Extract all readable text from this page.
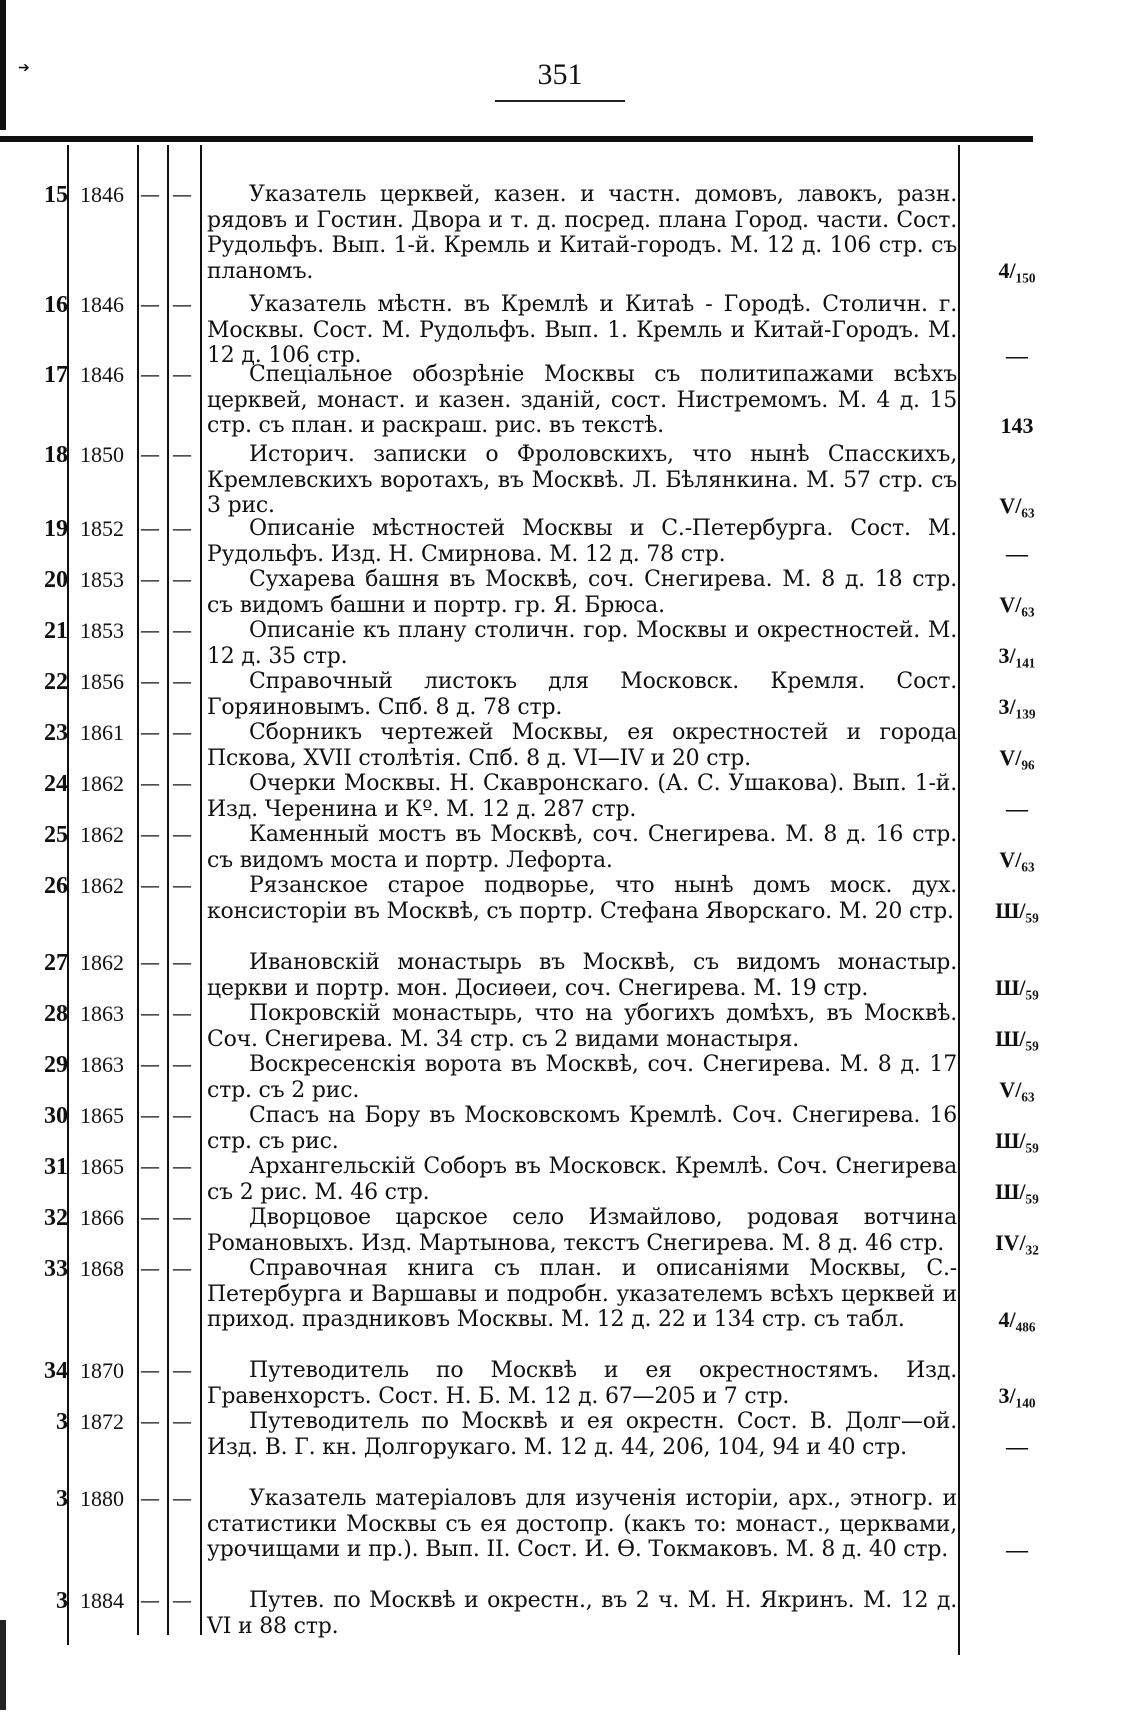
➔	351
15 1846 — —	Указатель церквей, казен. и частн. домовъ, лавокъ, разн. рядовъ и Гостин. Двора и т. д. посред. плана Город. части. Сост. Рудольфъ. Вып. 1-й. Кремль и Китай-городъ. М. 12 д. 106 стр. съ планомъ.	4/₁₅₀
16 1846 — —	Указатель мѣстн. въ Кремлѣ и Китаѣ - Городѣ. Столичн. г. Москвы. Сост. М. Рудольфъ. Вып. 1. Кремль и Китай-Городъ. М. 12 д. 106 стр.	—
17 1846 — —	Спеціальное обозрѣніе Москвы съ политипажами всѣхъ церквей, монаст. и казен. зданій, сост. Нистремомъ. М. 4 д. 15 стр. съ план. и раскраш. рис. въ текстѣ.	143
18 1850 — —	Историч. записки о Фроловскихъ, что нынѣ Спасскихъ, Кремлевскихъ воротахъ, въ Москвѣ. Л. Бѣлянкина. М. 57 стр. съ 3 рис.	V/₆₃
19 1852 — —	Описаніе мѣстностей Москвы и С.-Петербурга. Сост. М. Рудольфъ. Изд. Н. Смирнова. М. 12 д. 78 стр.	—
20 1853 — —	Сухарева башня въ Москвѣ, соч. Снегирева. М. 8 д. 18 стр. съ видомъ башни и портр. гр. Я. Брюса.	V/₆₃
21 1853 — —	Описаніе къ плану столичн. гор. Москвы и окрестностей. М. 12 д. 35 стр.	3/₁₄₁
22 1856 — —	Справочный листокъ для Московск. Кремля. Сост. Горяиновымъ. Спб. 8 д. 78 стр.	3/₁₃₉
23 1861 — —	Сборникъ чертежей Москвы, ея окрестностей и города Пскова, XVII столѣтія. Спб. 8 д. VI—IV и 20 стр.	V/₉₆
24 1862 — —	Очерки Москвы. Н. Скавронскаго. (А. С. Ушакова). Вып. 1-й. Изд. Черенина и Кº. М. 12 д. 287 стр.	—
25 1862 — —	Каменный мостъ въ Москвѣ, соч. Снегирева. М. 8 д. 16 стр. съ видомъ моста и портр. Лефорта.	V/₆₃
26 1862 — —	Рязанское старое подворье, что нынѣ домъ моск. дух. консисторіи въ Москвѣ, съ портр. Стефана Яворскаго. М. 20 стр.	Ш/₅₉
27 1862 — —	Ивановскій монастырь въ Москвѣ, съ видомъ монастыр. церкви и портр. мон. Досиѳеи, соч. Снегирева. М. 19 стр.	Ш/₅₉
28 1863 — —	Покровскій монастырь, что на убогихъ домѣхъ, въ Москвѣ. Соч. Снегирева. М. 34 стр. съ 2 видами монастыря.	Ш/₅₉
29 1863 — —	Воскресенскія ворота въ Москвѣ, соч. Снегирева. М. 8 д. 17 стр. съ 2 рис.	V/₆₃
30 1865 — —	Спасъ на Бору въ Московскомъ Кремлѣ. Соч. Снегирева. 16 стр. съ рис.	Ш/₅₉
31 1865 — —	Архангельскій Соборъ въ Московск. Кремлѣ. Соч. Снегирева съ 2 рис. М. 46 стр.	Ш/₅₉
32 1866 — —	Дворцовое царское село Измайлово, родовая вотчина Романовыхъ. Изд. Мартынова, текстъ Снегирева. М. 8 д. 46 стр.	IV/₃₂
33 1868 — —	Справочная книга съ план. и описаніями Москвы, С.-Петербурга и Варшавы и подробн. указателемъ всѣхъ церквей и приход. праздниковъ Москвы. М. 12 д. 22 и 134 стр. съ табл.	4/₄₈₆
34 1870 — —	Путеводитель по Москвѣ и ея окрестностямъ. Изд. Гравенхорстъ. Сост. Н. Б. М. 12 д. 67—205 и 7 стр.	3/₁₄₀
3 1872 — —	Путеводитель по Москвѣ и ея окрестн. Сост. В. Долг—ой. Изд. В. Г. кн. Долгорукаго. М. 12 д. 44, 206, 104, 94 и 40 стр.	—
3 1880 — —	Указатель матеріаловъ для изученія исторіи, арх., этногр. и статистики Москвы съ ея достопр. (какъ то: монаст., церквами, урочищами и пр.). Вып. II. Сост. И. Ѳ. Токмаковъ. М. 8 д. 40 стр.	—
3 1884 — —	Путев. по Москвѣ и окрестн., въ 2 ч. М. Н. Якринъ. М. 12 д. VI и 88 стр.
